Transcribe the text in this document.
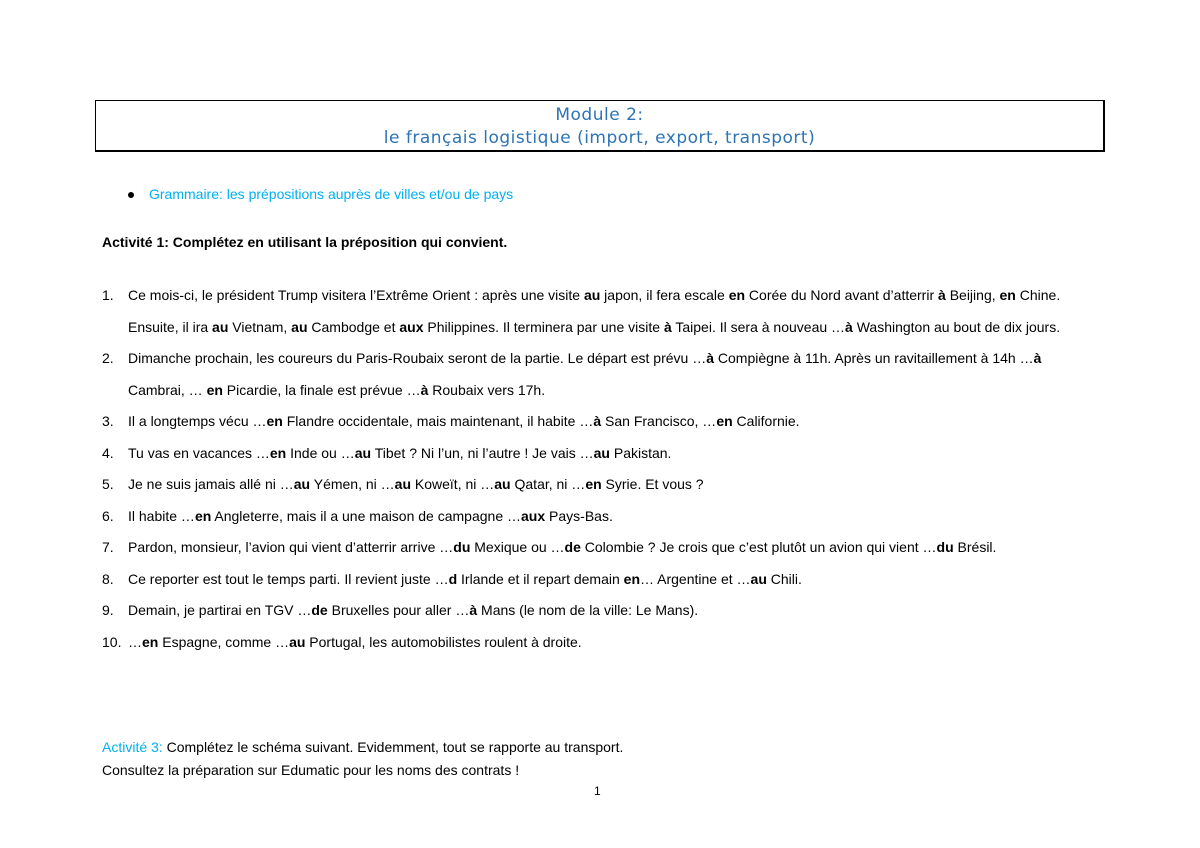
Module 2:
le français logistique (import, export, transport)
Grammaire: les prépositions auprès de villes et/ou de pays
Activité 1: Complétez en utilisant la préposition qui convient.
1.	Ce mois-ci, le président Trump visitera l’Extrême Orient : après une visite au japon, il fera escale en Corée du Nord avant d’atterrir à Beijing, en Chine. Ensuite, il ira au Vietnam, au Cambodge et aux Philippines. Il terminera par une visite à Taipei. Il sera à nouveau …à Washington au bout de dix jours.
2.	Dimanche prochain, les coureurs du Paris-Roubaix seront de la partie. Le départ est prévu …à Compiègne à 11h. Après un ravitaillement à 14h …à Cambrai, … en Picardie, la finale est prévue …à Roubaix vers 17h.
3.	Il a longtemps vécu …en Flandre occidentale, mais maintenant, il habite …à San Francisco, …en Californie.
4.	Tu vas en vacances …en Inde ou …au Tibet ? Ni l’un, ni l’autre ! Je vais …au Pakistan.
5.	Je ne suis jamais allé ni …au Yémen, ni …au Koweït, ni …au Qatar, ni …en Syrie. Et vous ?
6.	Il habite …en Angleterre, mais il a une maison de campagne …aux Pays-Bas.
7.	Pardon, monsieur, l’avion qui vient d’atterrir arrive …du Mexique ou …de Colombie ? Je crois que c’est plutôt un avion qui vient …du Brésil.
8.	Ce reporter est tout le temps parti. Il revient juste …d Irlande et il repart demain en… Argentine et …au Chili.
9.	Demain, je partirai en TGV …de Bruxelles pour aller …à Mans (le nom de la ville: Le Mans).
10. …en Espagne, comme …au Portugal, les automobilistes roulent à droite.
Activité 3: Complétez le schéma suivant. Evidemment, tout se rapporte au transport.
Consultez la préparation sur Edumatic pour les noms des contrats !
1
